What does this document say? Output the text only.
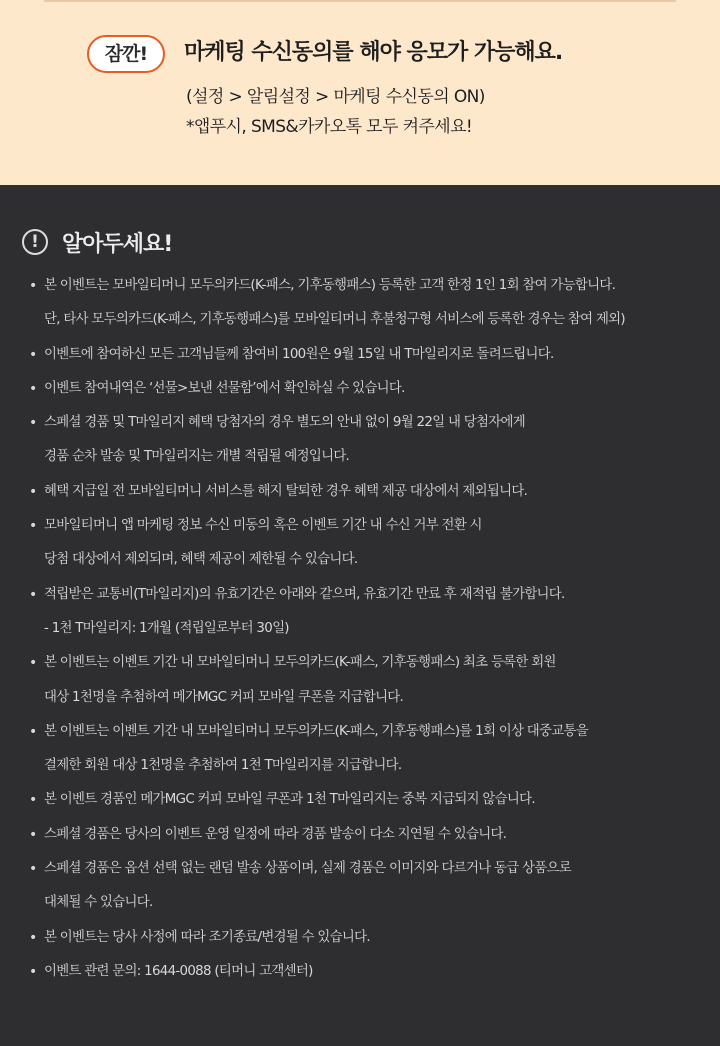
잠깐!	마케팅 수신동의를 해야 응모가 가능해요.
(설정 > 알림설정 > 마케팅 수신동의 ON)
*앱푸시, SMS&카카오톡 모두 켜주세요!
!	알아두세요!
• 본 이벤트는 모바일티머니 모두의카드(K-패스, 기후동행패스) 등록한 고객 한정 1인 1회 참여 가능합니다.
단, 타사 모두의카드(K-패스, 기후동행패스)를 모바일티머니 후불청구형 서비스에 등록한 경우는 참여 제외)
• 이벤트에 참여하신 모든 고객님들께 참여비 100원은 9월 15일 내 T마일리지로 돌려드립니다.
• 이벤트 참여내역은 ‘선물>보낸 선물함’에서 확인하실 수 있습니다.
• 스페셜 경품 및 T마일리지 혜택 당첨자의 경우 별도의 안내 없이 9월 22일 내 당첨자에게
경품 순차 발송 및 T마일리지는 개별 적립될 예정입니다.
• 혜택 지급일 전 모바일티머니 서비스를 해지 탈퇴한 경우 혜택 제공 대상에서 제외됩니다.
• 모바일티머니 앱 마케팅 정보 수신 미동의 혹은 이벤트 기간 내 수신 거부 전환 시
당첨 대상에서 제외되며, 혜택 제공이 제한될 수 있습니다.
• 적립받은 교통비(T마일리지)의 유효기간은 아래와 같으며, 유효기간 만료 후 재적립 불가합니다.
- 1천 T마일리지: 1개월 (적립일로부터 30일)
• 본 이벤트는 이벤트 기간 내 모바일티머니 모두의카드(K-패스, 기후동행패스) 최초 등록한 회원
대상 1천명을 추첨하여 메가MGC 커피 모바일 쿠폰을 지급합니다.
• 본 이벤트는 이벤트 기간 내 모바일티머니 모두의카드(K-패스, 기후동행패스)를 1회 이상 대중교통을
결제한 회원 대상 1천명을 추첨하여 1천 T마일리지를 지급합니다.
• 본 이벤트 경품인 메가MGC 커피 모바일 쿠폰과 1천 T마일리지는 중복 지급되지 않습니다.
• 스페셜 경품은 당사의 이벤트 운영 일정에 따라 경품 발송이 다소 지연될 수 있습니다.
• 스페셜 경품은 옵션 선택 없는 랜덤 발송 상품이며, 실제 경품은 이미지와 다르거나 동급 상품으로
대체될 수 있습니다.
• 본 이벤트는 당사 사정에 따라 조기종료/변경될 수 있습니다.
• 이벤트 관련 문의: 1644-0088 (티머니 고객센터)
